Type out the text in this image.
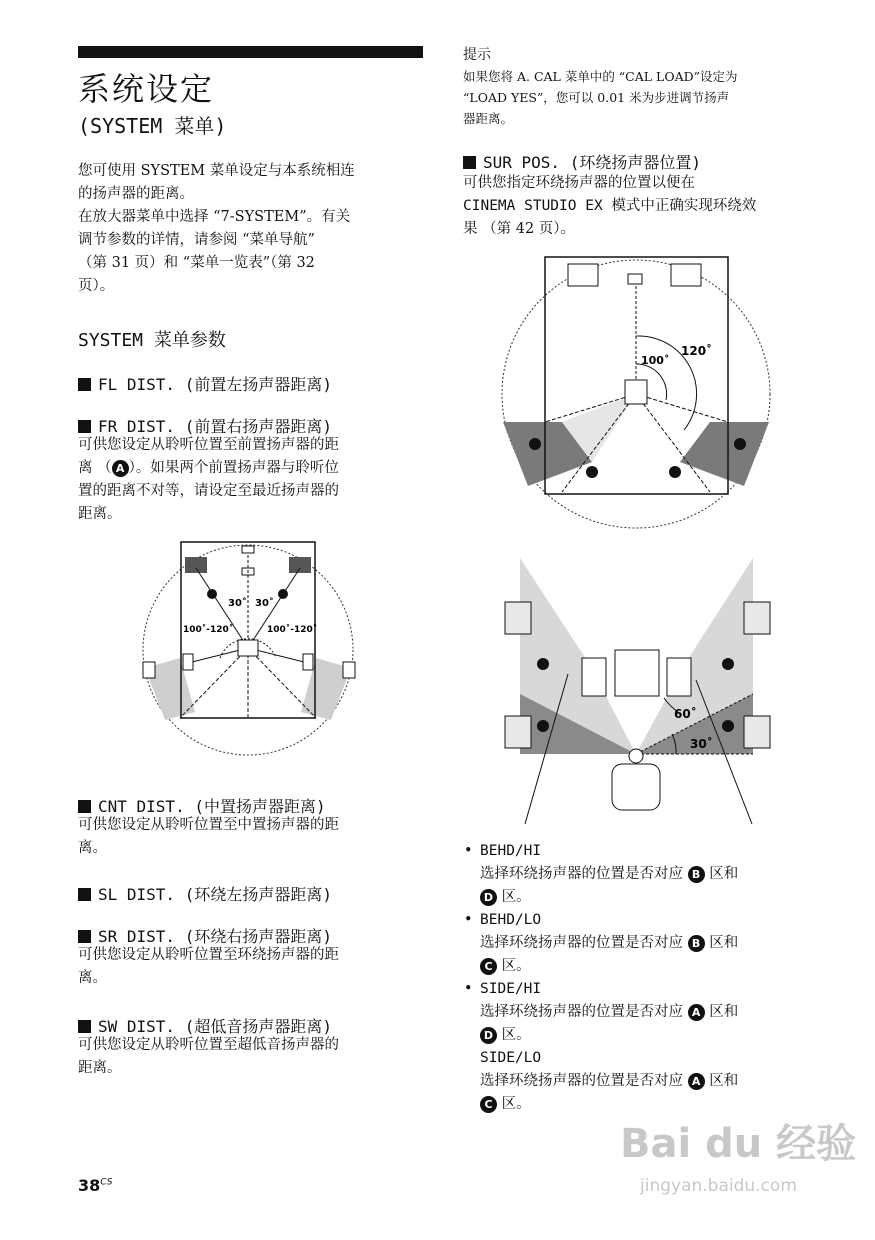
系统设定
(SYSTEM 菜单)
您可使用 SYSTEM 菜单设定与本系统相连
的扬声器的距离。
在放大器菜单中选择 “7-SYSTEM”。有关
调节参数的详情，请参阅 “菜单导航”
（第 31 页）和 “菜单一览表”（第 32
页）。
SYSTEM 菜单参数
FL DIST. (前置左扬声器距离)
FR DIST. (前置右扬声器距离)
可供您设定从聆听位置至前置扬声器的距
离 （ A ）。如果两个前置扬声器与聆听位
置的距离不对等，请设定至最近扬声器的
距离。
30˚ 30˚
100˚-120˚	100˚-120˚
CNT DIST. (中置扬声器距离)
可供您设定从聆听位置至中置扬声器的距
离。
SL DIST. (环绕左扬声器距离)
SR DIST. (环绕右扬声器距离)
可供您设定从聆听位置至环绕扬声器的距
离。
SW DIST. (超低音扬声器距离)
可供您设定从聆听位置至超低音扬声器的
距离。
提示
如果您将 A. CAL 菜单中的 “CAL LOAD”设定为
“LOAD YES”，您可以 0.01 米为步进调节扬声
器距离。
SUR POS. (环绕扬声器位置)
可供您指定环绕扬声器的位置以便在
CINEMA STUDIO EX 模式中正确实现环绕效
果 （第 42 页）。
120˚
100˚
60˚
30˚
• BEHD/HI
选择环绕扬声器的位置是否对应 B 区和
D 区。
• BEHD/LO
选择环绕扬声器的位置是否对应 B 区和
C 区。
• SIDE/HI
选择环绕扬声器的位置是否对应 A 区和
D 区。
SIDE/LO
选择环绕扬声器的位置是否对应 A 区和
C 区。
$38^{CS}$
Bai du 经验
jingyan.baidu.com
